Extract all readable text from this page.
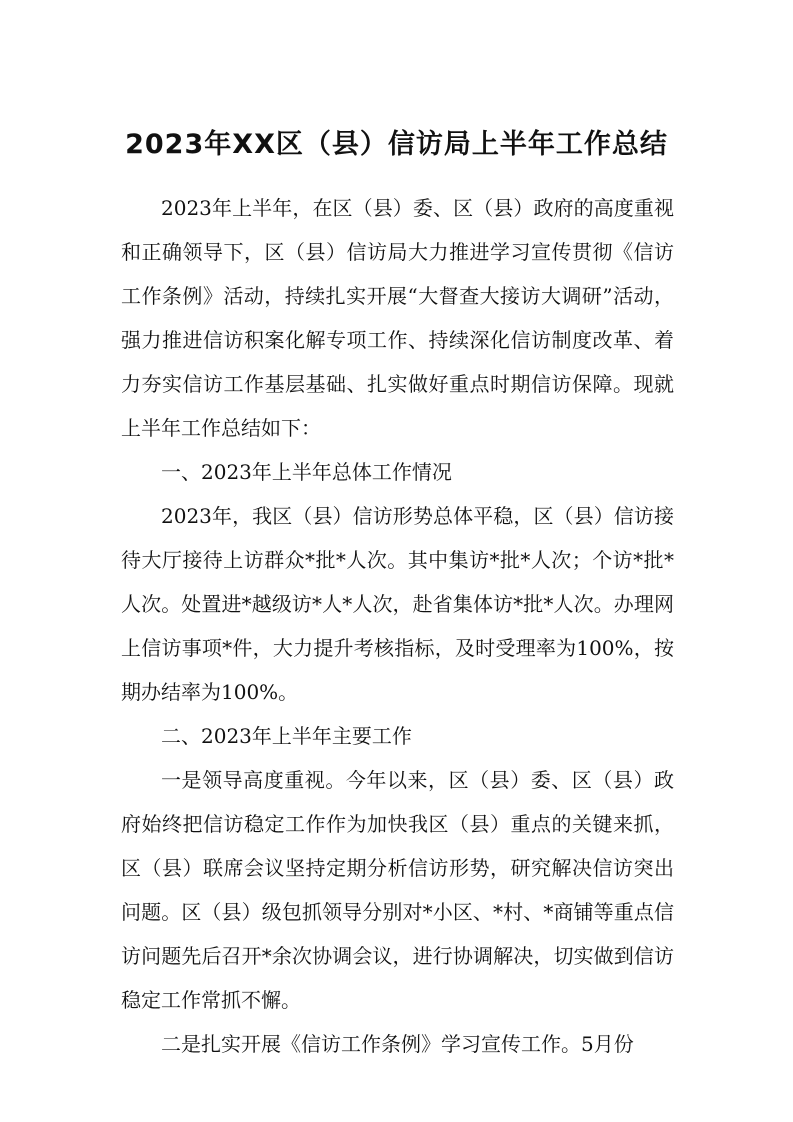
2023年XX区（县）信访局上半年工作总结

2023年上半年，在区（县）委、区（县）政府的高度重视和正确领导下，区（县）信访局大力推进学习宣传贯彻《信访工作条例》活动，持续扎实开展“大督查大接访大调研”活动，强力推进信访积案化解专项工作、持续深化信访制度改革、着力夯实信访工作基层基础、扎实做好重点时期信访保障。现就上半年工作总结如下：

一、2023年上半年总体工作情况

2023年，我区（县）信访形势总体平稳，区（县）信访接待大厅接待上访群众*批*人次。其中集访*批*人次；个访*批*人次。处置进*越级访*人*人次，赴省集体访*批*人次。办理网上信访事项*件，大力提升考核指标，及时受理率为100%，按期办结率为100%。

二、2023年上半年主要工作

一是领导高度重视。今年以来，区（县）委、区（县）政府始终把信访稳定工作作为加快我区（县）重点的关键来抓，区（县）联席会议坚持定期分析信访形势，研究解决信访突出问题。区（县）级包抓领导分别对*小区、*村、*商铺等重点信访问题先后召开*余次协调会议，进行协调解决，切实做到信访稳定工作常抓不懈。

二是扎实开展《信访工作条例》学习宣传工作。5月份
